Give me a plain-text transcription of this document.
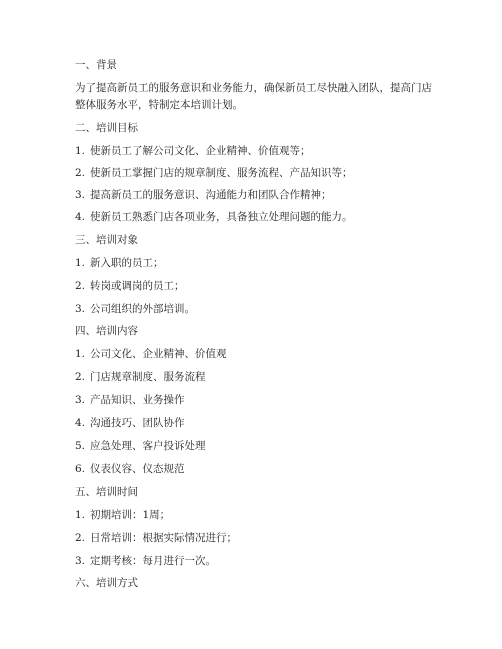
一、背景
为了提高新员工的服务意识和业务能力，确保新员工尽快融入团队，提高门店整体服务水平，特制定本培训计划。
二、培训目标
1. 使新员工了解公司文化、企业精神、价值观等；
2. 使新员工掌握门店的规章制度、服务流程、产品知识等；
3. 提高新员工的服务意识、沟通能力和团队合作精神；
4. 使新员工熟悉门店各项业务，具备独立处理问题的能力。
三、培训对象
1. 新入职的员工；
2. 转岗或调岗的员工；
3. 公司组织的外部培训。
四、培训内容
1. 公司文化、企业精神、价值观
2. 门店规章制度、服务流程
3. 产品知识、业务操作
4. 沟通技巧、团队协作
5. 应急处理、客户投诉处理
6. 仪表仪容、仪态规范
五、培训时间
1. 初期培训：1周；
2. 日常培训：根据实际情况进行；
3. 定期考核：每月进行一次。
六、培训方式
